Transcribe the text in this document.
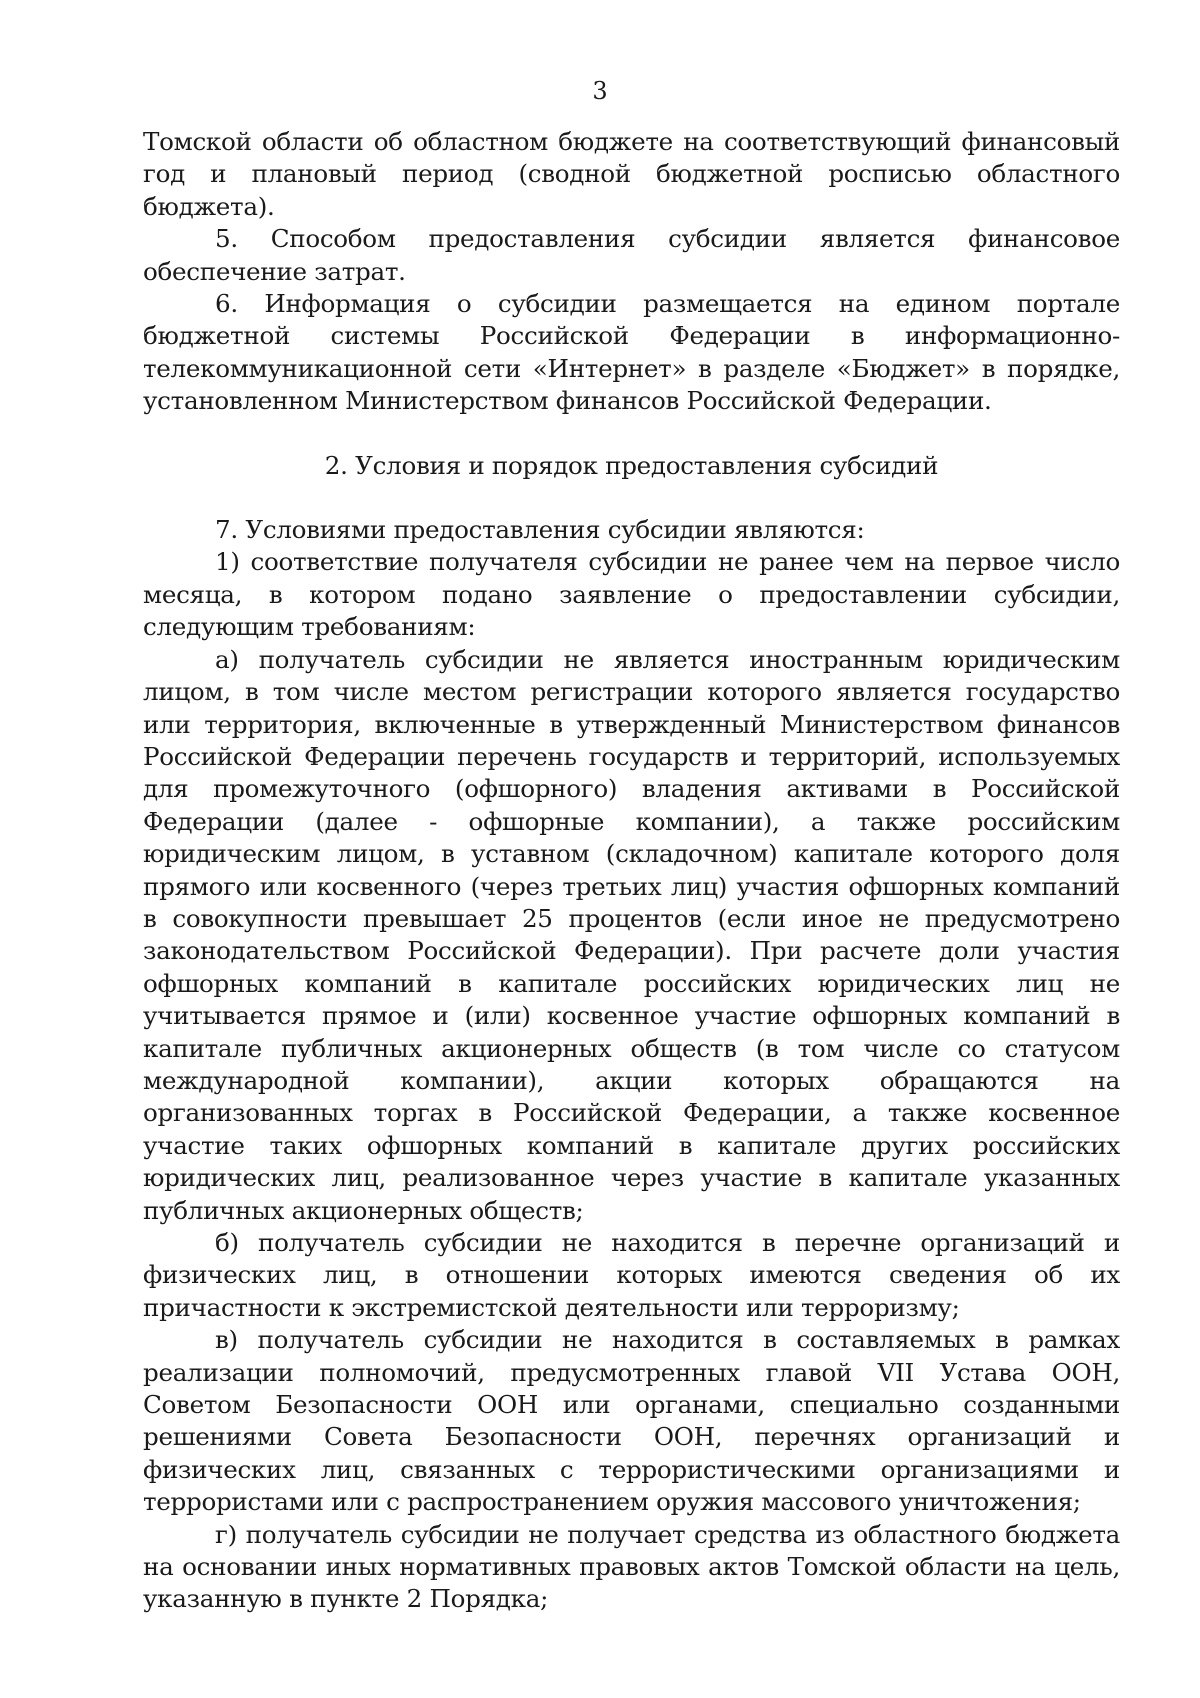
3

Томской области об областном бюджете на соответствующий финансовый год и плановый период (сводной бюджетной росписью областного бюджета).

5. Способом предоставления субсидии является финансовое обеспечение затрат.

6. Информация о субсидии размещается на едином портале бюджетной системы Российской Федерации в информационно-телекоммуникационной сети «Интернет» в разделе «Бюджет» в порядке, установленном Министерством финансов Российской Федерации.

2. Условия и порядок предоставления субсидий

7. Условиями предоставления субсидии являются:

1) соответствие получателя субсидии не ранее чем на первое число месяца, в котором подано заявление о предоставлении субсидии, следующим требованиям:

а) получатель субсидии не является иностранным юридическим лицом, в том числе местом регистрации которого является государство или территория, включенные в утвержденный Министерством финансов Российской Федерации перечень государств и территорий, используемых для промежуточного (офшорного) владения активами в Российской Федерации (далее - офшорные компании), а также российским юридическим лицом, в уставном (складочном) капитале которого доля прямого или косвенного (через третьих лиц) участия офшорных компаний в совокупности превышает 25 процентов (если иное не предусмотрено законодательством Российской Федерации). При расчете доли участия офшорных компаний в капитале российских юридических лиц не учитывается прямое и (или) косвенное участие офшорных компаний в капитале публичных акционерных обществ (в том числе со статусом международной компании), акции которых обращаются на организованных торгах в Российской Федерации, а также косвенное участие таких офшорных компаний в капитале других российских юридических лиц, реализованное через участие в капитале указанных публичных акционерных обществ;

б) получатель субсидии не находится в перечне организаций и физических лиц, в отношении которых имеются сведения об их причастности к экстремистской деятельности или терроризму;

в) получатель субсидии не находится в составляемых в рамках реализации полномочий, предусмотренных главой VII Устава ООН, Советом Безопасности ООН или органами, специально созданными решениями Совета Безопасности ООН, перечнях организаций и физических лиц, связанных с террористическими организациями и террористами или с распространением оружия массового уничтожения;

г) получатель субсидии не получает средства из областного бюджета на основании иных нормативных правовых актов Томской области на цель, указанную в пункте 2 Порядка;
